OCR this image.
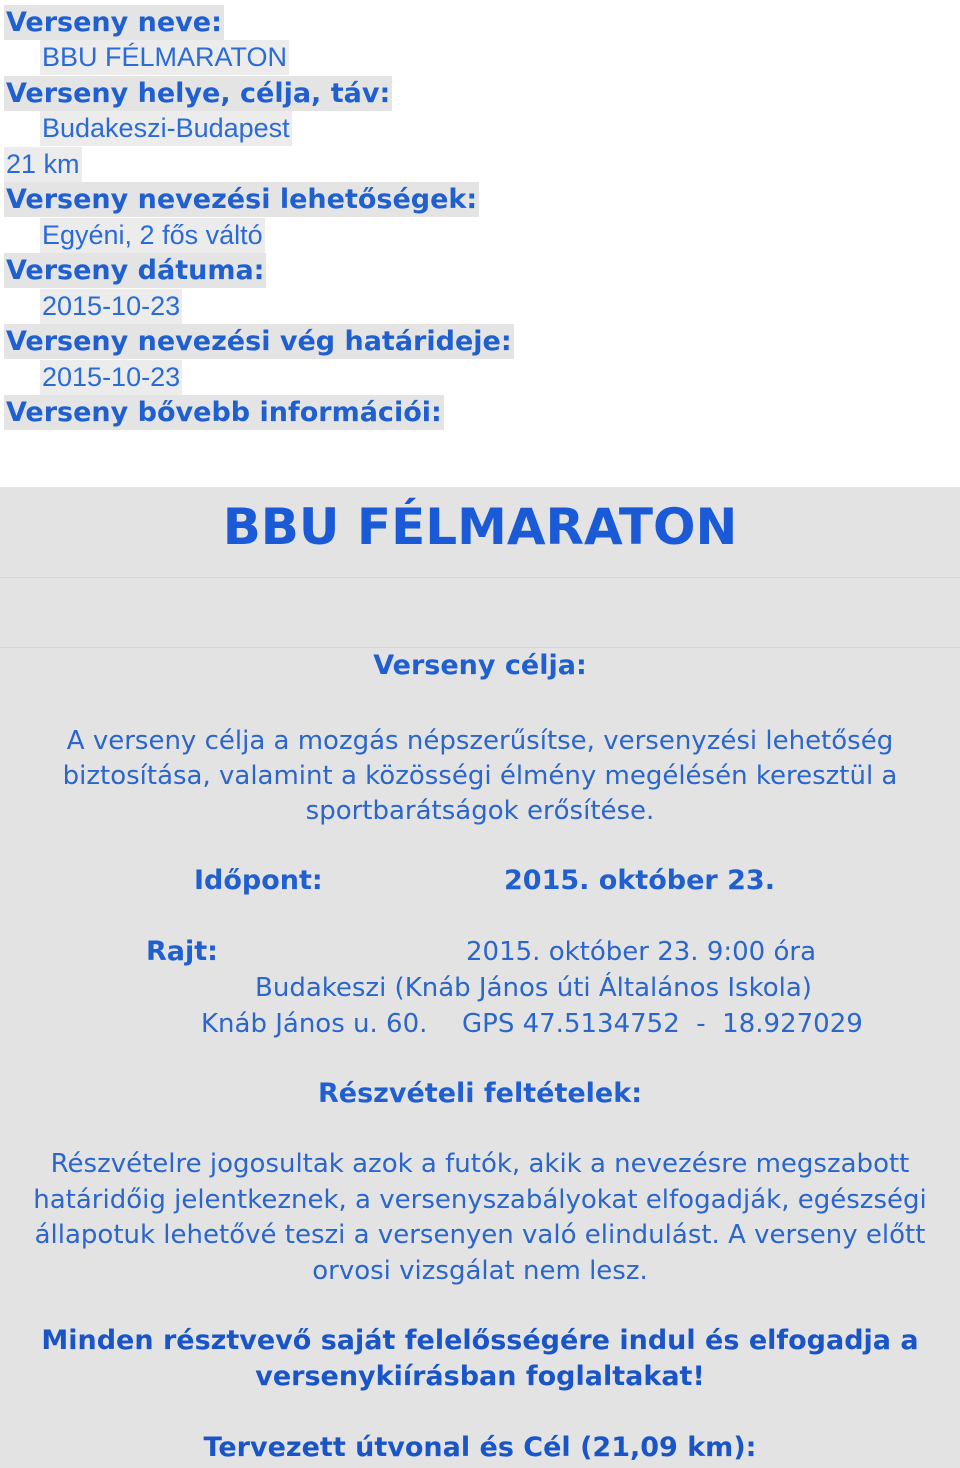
Verseny neve:
BBU FÉLMARATON
Verseny helye, célja, táv:
Budakeszi-Budapest
21 km
Verseny nevezési lehetőségek:
Egyéni, 2 fős váltó
Verseny dátuma:
2015-10-23
Verseny nevezési vég határideje:
2015-10-23
Verseny bővebb információi:
BBU FÉLMARATON
Verseny célja:
A verseny célja a mozgás népszerűsítse, versenyzési lehetőség
biztosítása, valamint a közösségi élmény megélésén keresztül a
sportbarátságok erősítése.
Időpont:	2015. október 23.
Rajt:	2015. október 23. 9:00 óra
Budakeszi (Knáb János úti Általános Iskola)
Knáb János u. 60. GPS 47.5134752  -  18.927029
Részvételi feltételek:
Részvételre jogosultak azok a futók, akik a nevezésre megszabott
határidőig jelentkeznek, a versenyszabályokat elfogadják, egészségi
állapotuk lehetővé teszi a versenyen való elindulást. A verseny előtt
orvosi vizsgálat nem lesz.
Minden résztvevő saját felelősségére indul és elfogadja a
versenykiírásban foglaltakat!
Tervezett útvonal és Cél (21,09 km):
